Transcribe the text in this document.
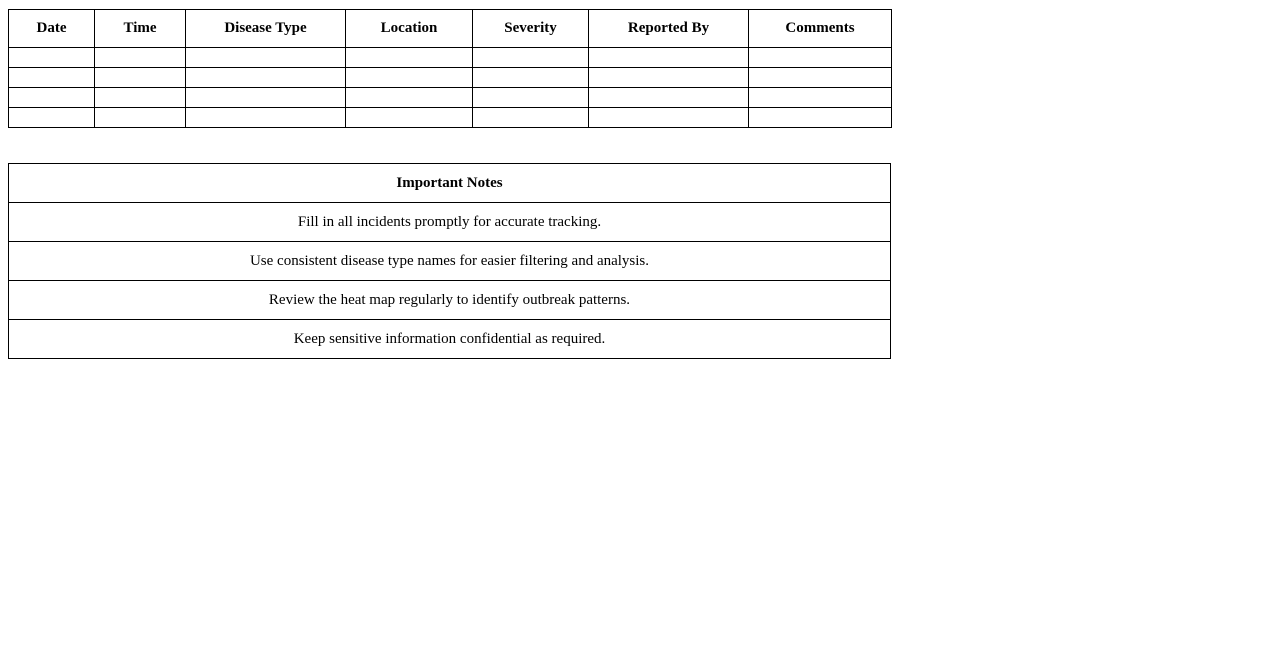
Date	Time	Disease Type	Location	Severity	Reported By	Comments

Important Notes
Fill in all incidents promptly for accurate tracking.
Use consistent disease type names for easier filtering and analysis.
Review the heat map regularly to identify outbreak patterns.
Keep sensitive information confidential as required.
